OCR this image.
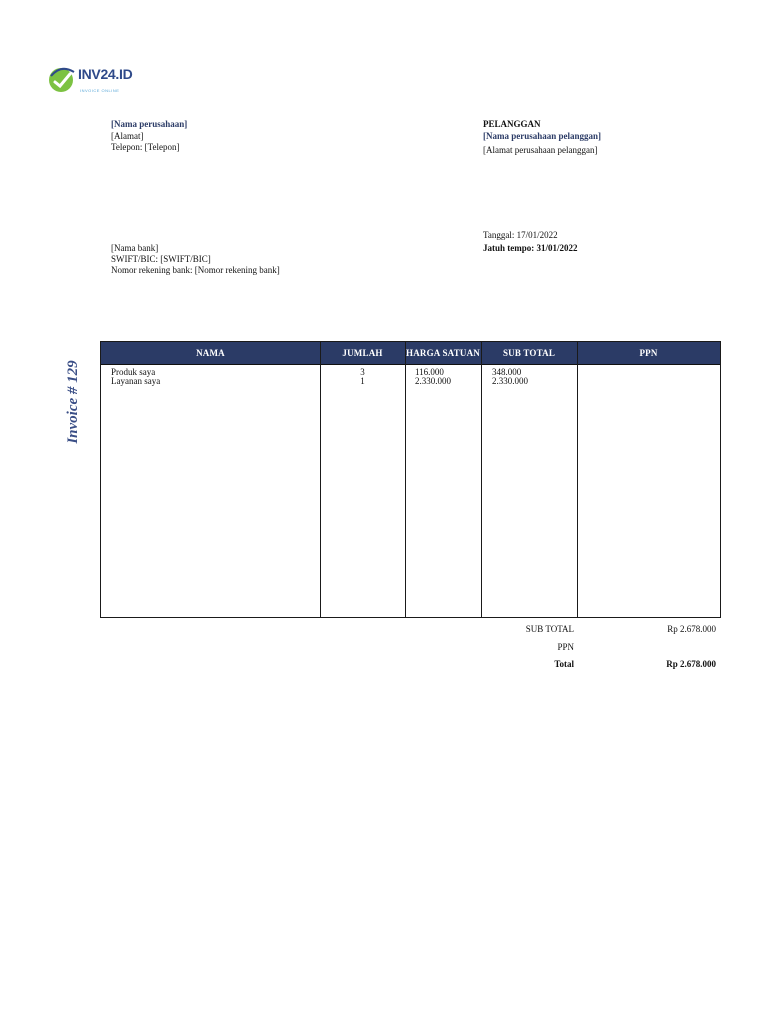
INV24.ID
INVOICE ONLINE
[Nama perusahaan]
[Alamat]
Telepon: [Telepon]
PELANGGAN
[Nama perusahaan pelanggan]
[Alamat perusahaan pelanggan]
Tanggal: 17/01/2022
Jatuh tempo: 31/01/2022
[Nama bank]
SWIFT/BIC: [SWIFT/BIC]
Nomor rekening bank: [Nomor rekening bank]
Invoice # 129
NAMA	JUMLAH	HARGA SATUAN	SUB TOTAL	PPN
Produk saya	3	116.000	348.000
Layanan saya	1	2.330.000	2.330.000
SUB TOTAL	Rp 2.678.000
PPN
Total	Rp 2.678.000
